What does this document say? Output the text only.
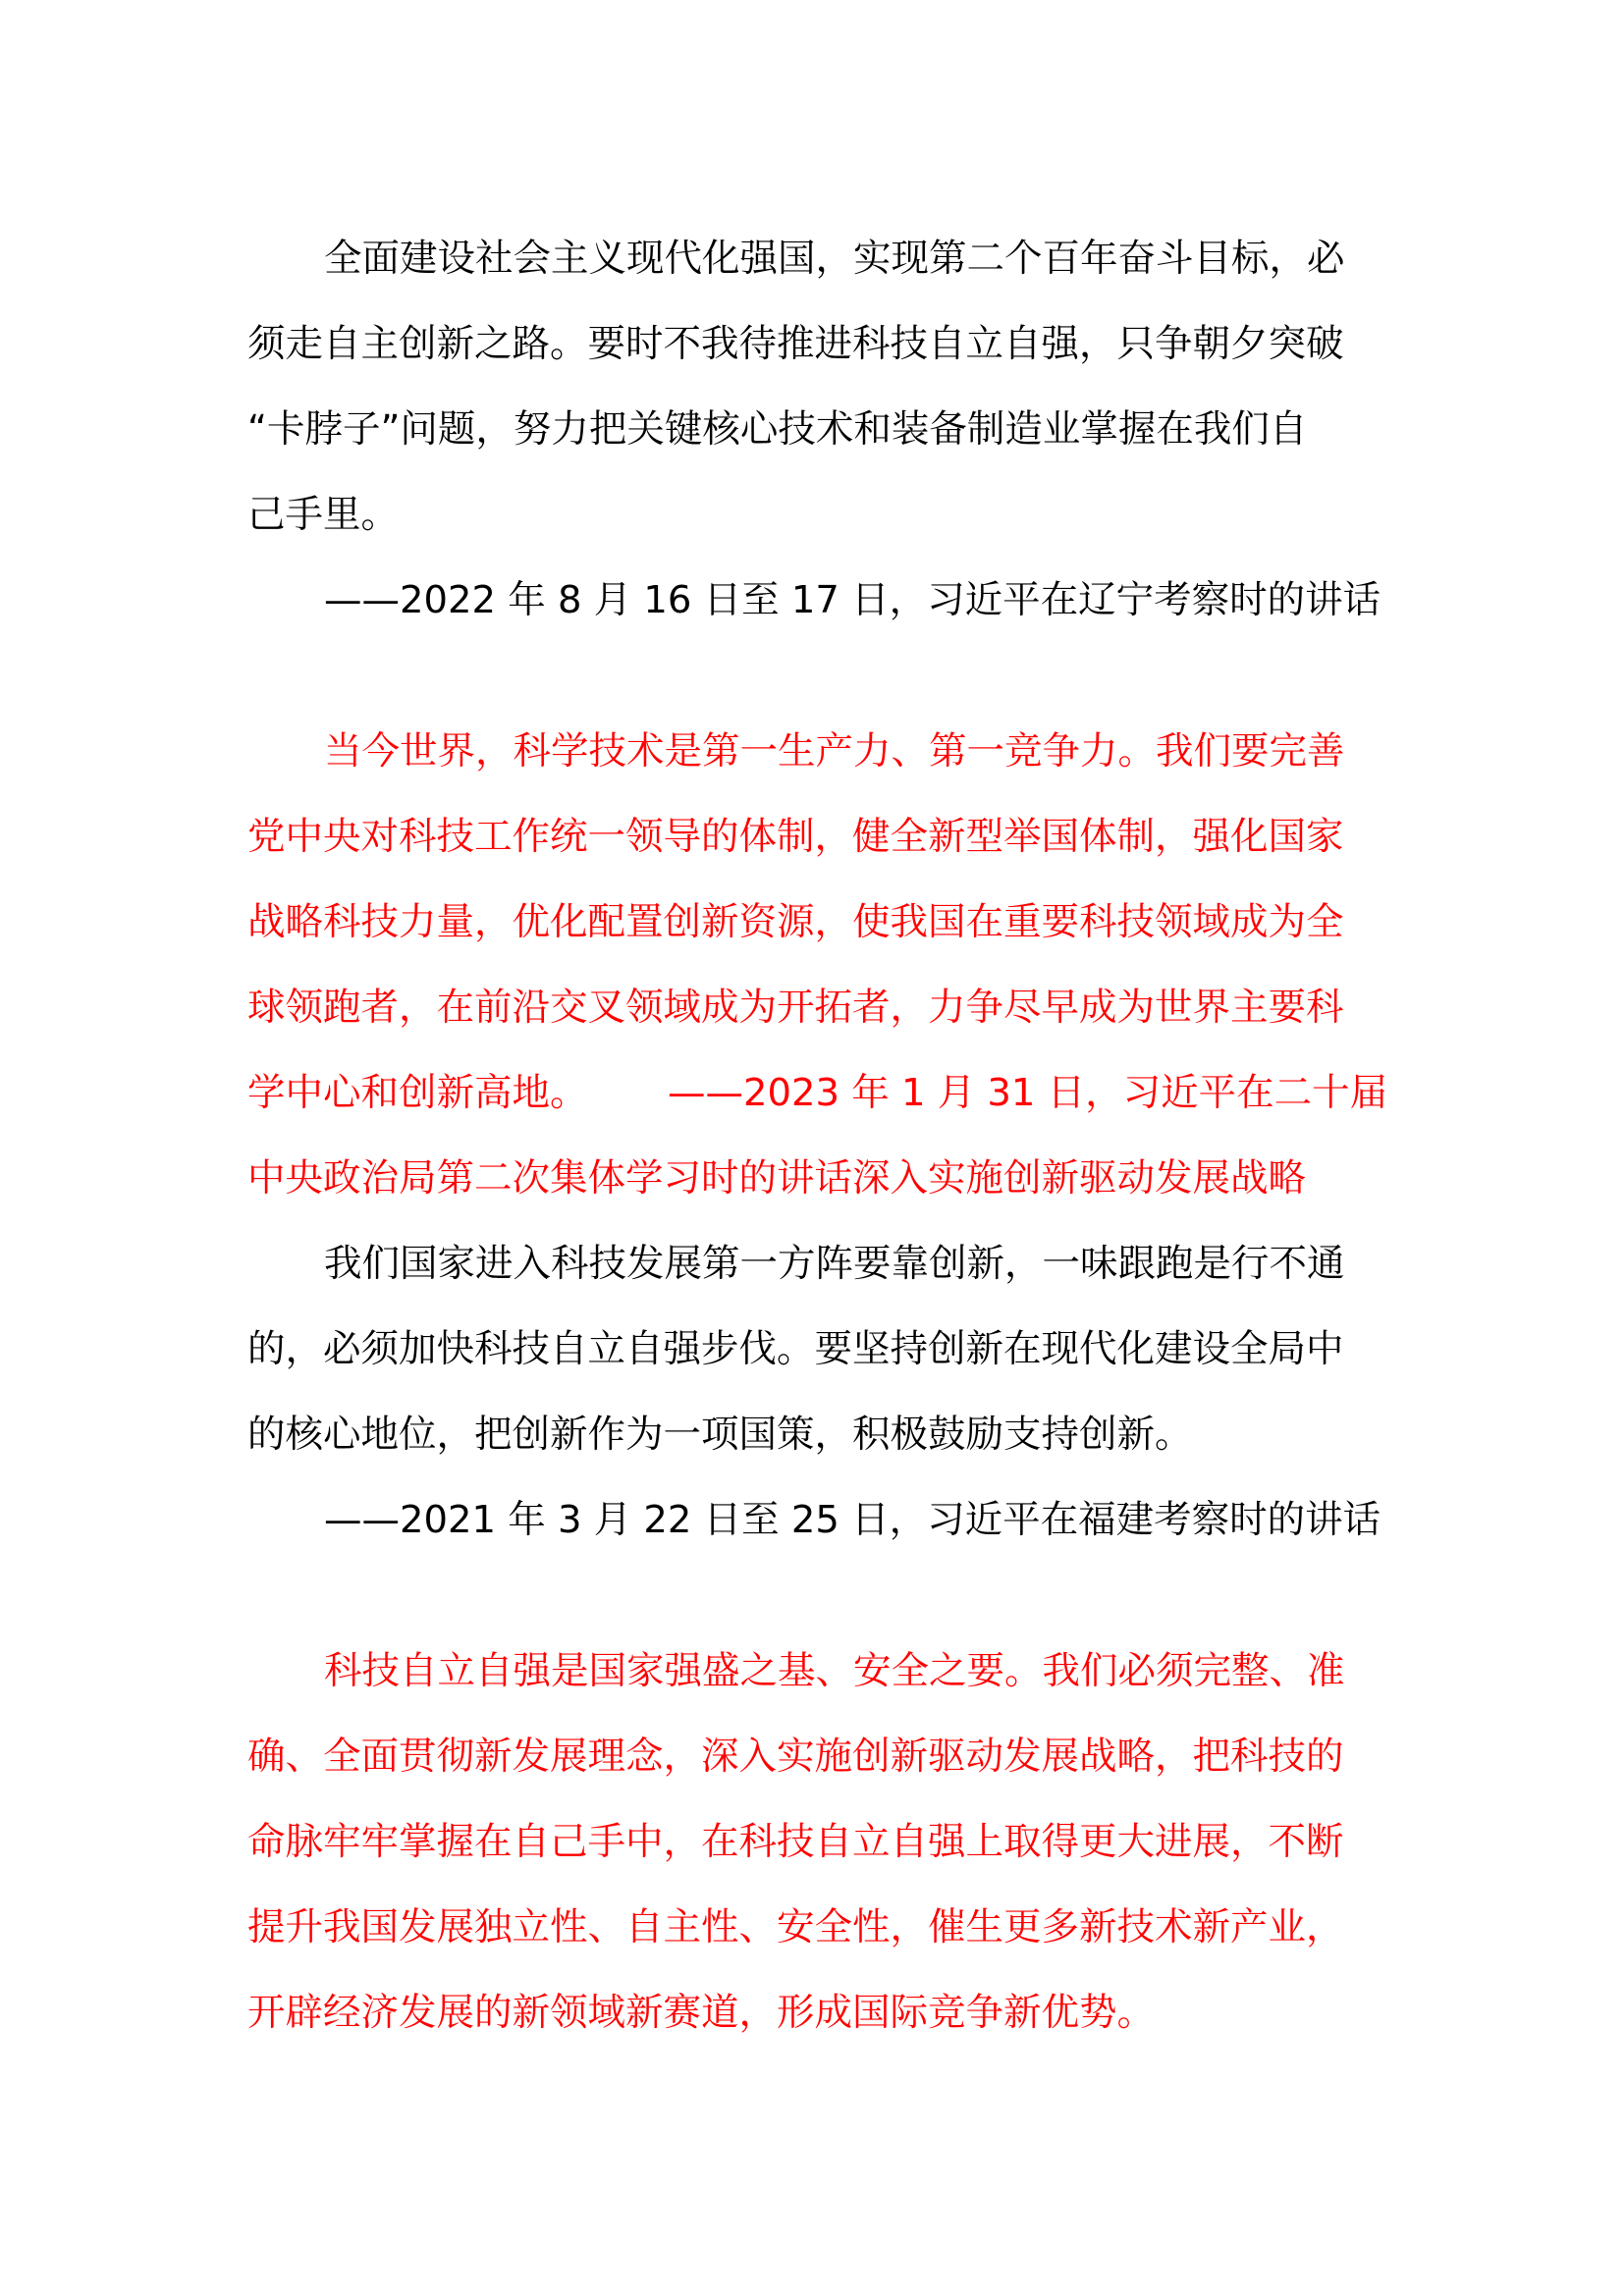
全面建设社会主义现代化强国，实现第二个百年奋斗目标，必
须走自主创新之路。要时不我待推进科技自立自强，只争朝夕突破
“卡脖子”问题，努力把关键核心技术和装备制造业掌握在我们自
己手里。
——2022 年 8 月 16 日至 17 日，习近平在辽宁考察时的讲话
当今世界，科学技术是第一生产力、第一竞争力。我们要完善
党中央对科技工作统一领导的体制，健全新型举国体制，强化国家
战略科技力量，优化配置创新资源，使我国在重要科技领域成为全
球领跑者，在前沿交叉领域成为开拓者，力争尽早成为世界主要科
学中心和创新高地。	——2023 年 1 月 31 日，习近平在二十届
中央政治局第二次集体学习时的讲话深入实施创新驱动发展战略
我们国家进入科技发展第一方阵要靠创新，一味跟跑是行不通
的，必须加快科技自立自强步伐。要坚持创新在现代化建设全局中
的核心地位，把创新作为一项国策，积极鼓励支持创新。
——2021 年 3 月 22 日至 25 日，习近平在福建考察时的讲话
科技自立自强是国家强盛之基、安全之要。我们必须完整、准
确、全面贯彻新发展理念，深入实施创新驱动发展战略，把科技的
命脉牢牢掌握在自己手中，在科技自立自强上取得更大进展，不断
提升我国发展独立性、自主性、安全性，催生更多新技术新产业，
开辟经济发展的新领域新赛道，形成国际竞争新优势。
